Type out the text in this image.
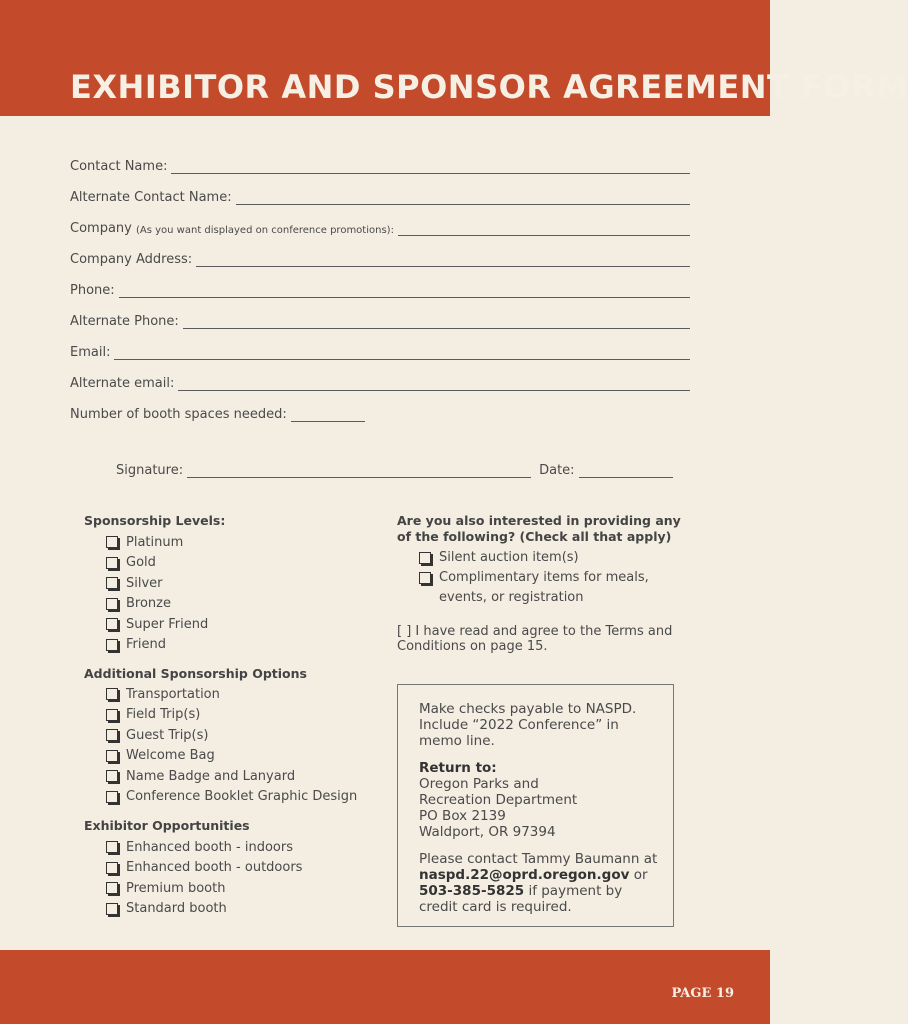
EXHIBITOR AND SPONSOR AGREEMENT FORM
Contact Name:
Alternate Contact Name:
Company
(As you want displayed on conference promotions):
Company Address:
Phone:
Alternate Phone:
Email:
Alternate email:
Number of booth spaces needed:
Signature:	Date:
Sponsorship Levels:
Platinum
Gold
Silver
Bronze
Super Friend
Friend
Additional Sponsorship Options
Transportation
Field Trip(s)
Guest Trip(s)
Welcome Bag
Name Badge and Lanyard
Conference Booklet Graphic Design
Exhibitor Opportunities
Enhanced booth - indoors
Enhanced booth - outdoors
Premium booth
Standard booth
Are you also interested in providing any of the following? (Check all that apply)
Silent auction item(s)
Complimentary items for meals, events, or registration
[ ] I have read and agree to the Terms and Conditions on page 15.

Make checks payable to NASPD. Include “2022 Conference” in memo line.

Return to:
Oregon Parks and
Recreation Department
PO Box 2139
Waldport, OR 97394

Please contact Tammy Baumann at naspd.22@oprd.oregon.gov or 503-385-5825 if payment by credit card is required.

PAGE 19
